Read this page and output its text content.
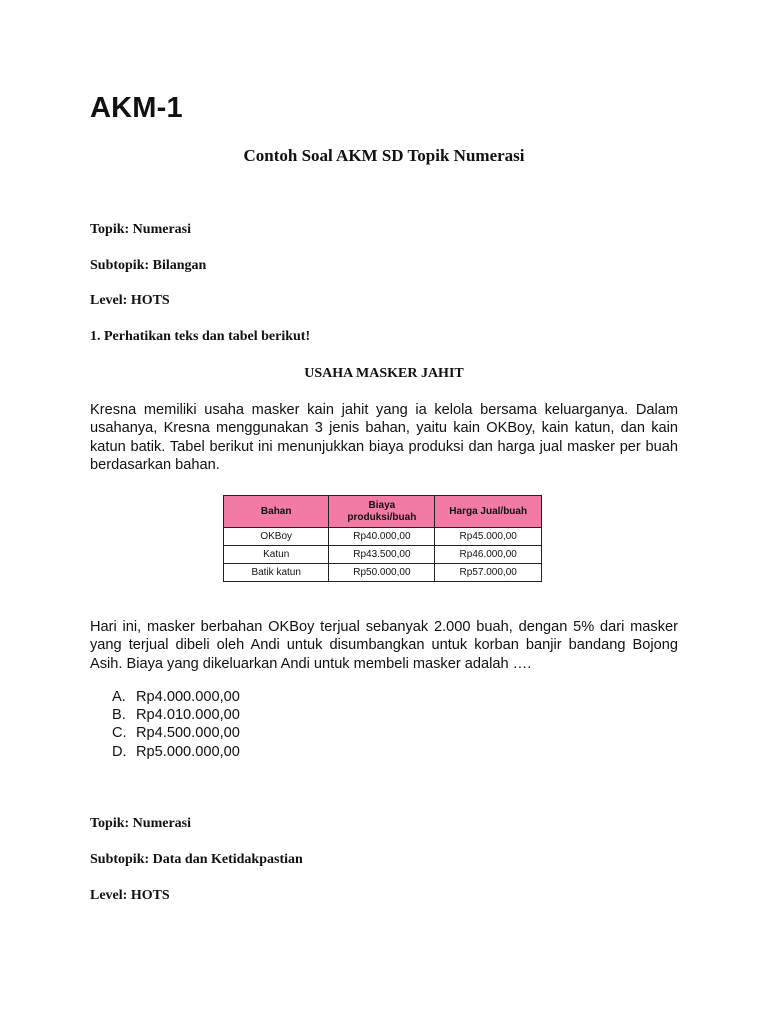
AKM-1
Contoh Soal AKM SD Topik Numerasi

Topik: Numerasi

Subtopik: Bilangan

Level: HOTS

1. Perhatikan teks dan tabel berikut!

USAHA MASKER JAHIT

Kresna memiliki usaha masker kain jahit yang ia kelola bersama keluarganya. Dalam usahanya, Kresna menggunakan 3 jenis bahan, yaitu kain OKBoy, kain katun, dan kain katun batik. Tabel berikut ini menunjukkan biaya produksi dan harga jual masker per buah berdasarkan bahan.

Bahan	Biaya produksi/buah	Harga Jual/buah
OKBoy	Rp40.000,00	Rp45.000,00
Katun	Rp43.500,00	Rp46.000,00
Batik katun	Rp50.000,00	Rp57.000,00

Hari ini, masker berbahan OKBoy terjual sebanyak 2.000 buah, dengan 5% dari masker yang terjual dibeli oleh Andi untuk disumbangkan untuk korban banjir bandang Bojong Asih. Biaya yang dikeluarkan Andi untuk membeli masker adalah ….

A. Rp4.000.000,00
B. Rp4.010.000,00
C. Rp4.500.000,00
D. Rp5.000.000,00

Topik: Numerasi

Subtopik: Data dan Ketidakpastian

Level: HOTS
